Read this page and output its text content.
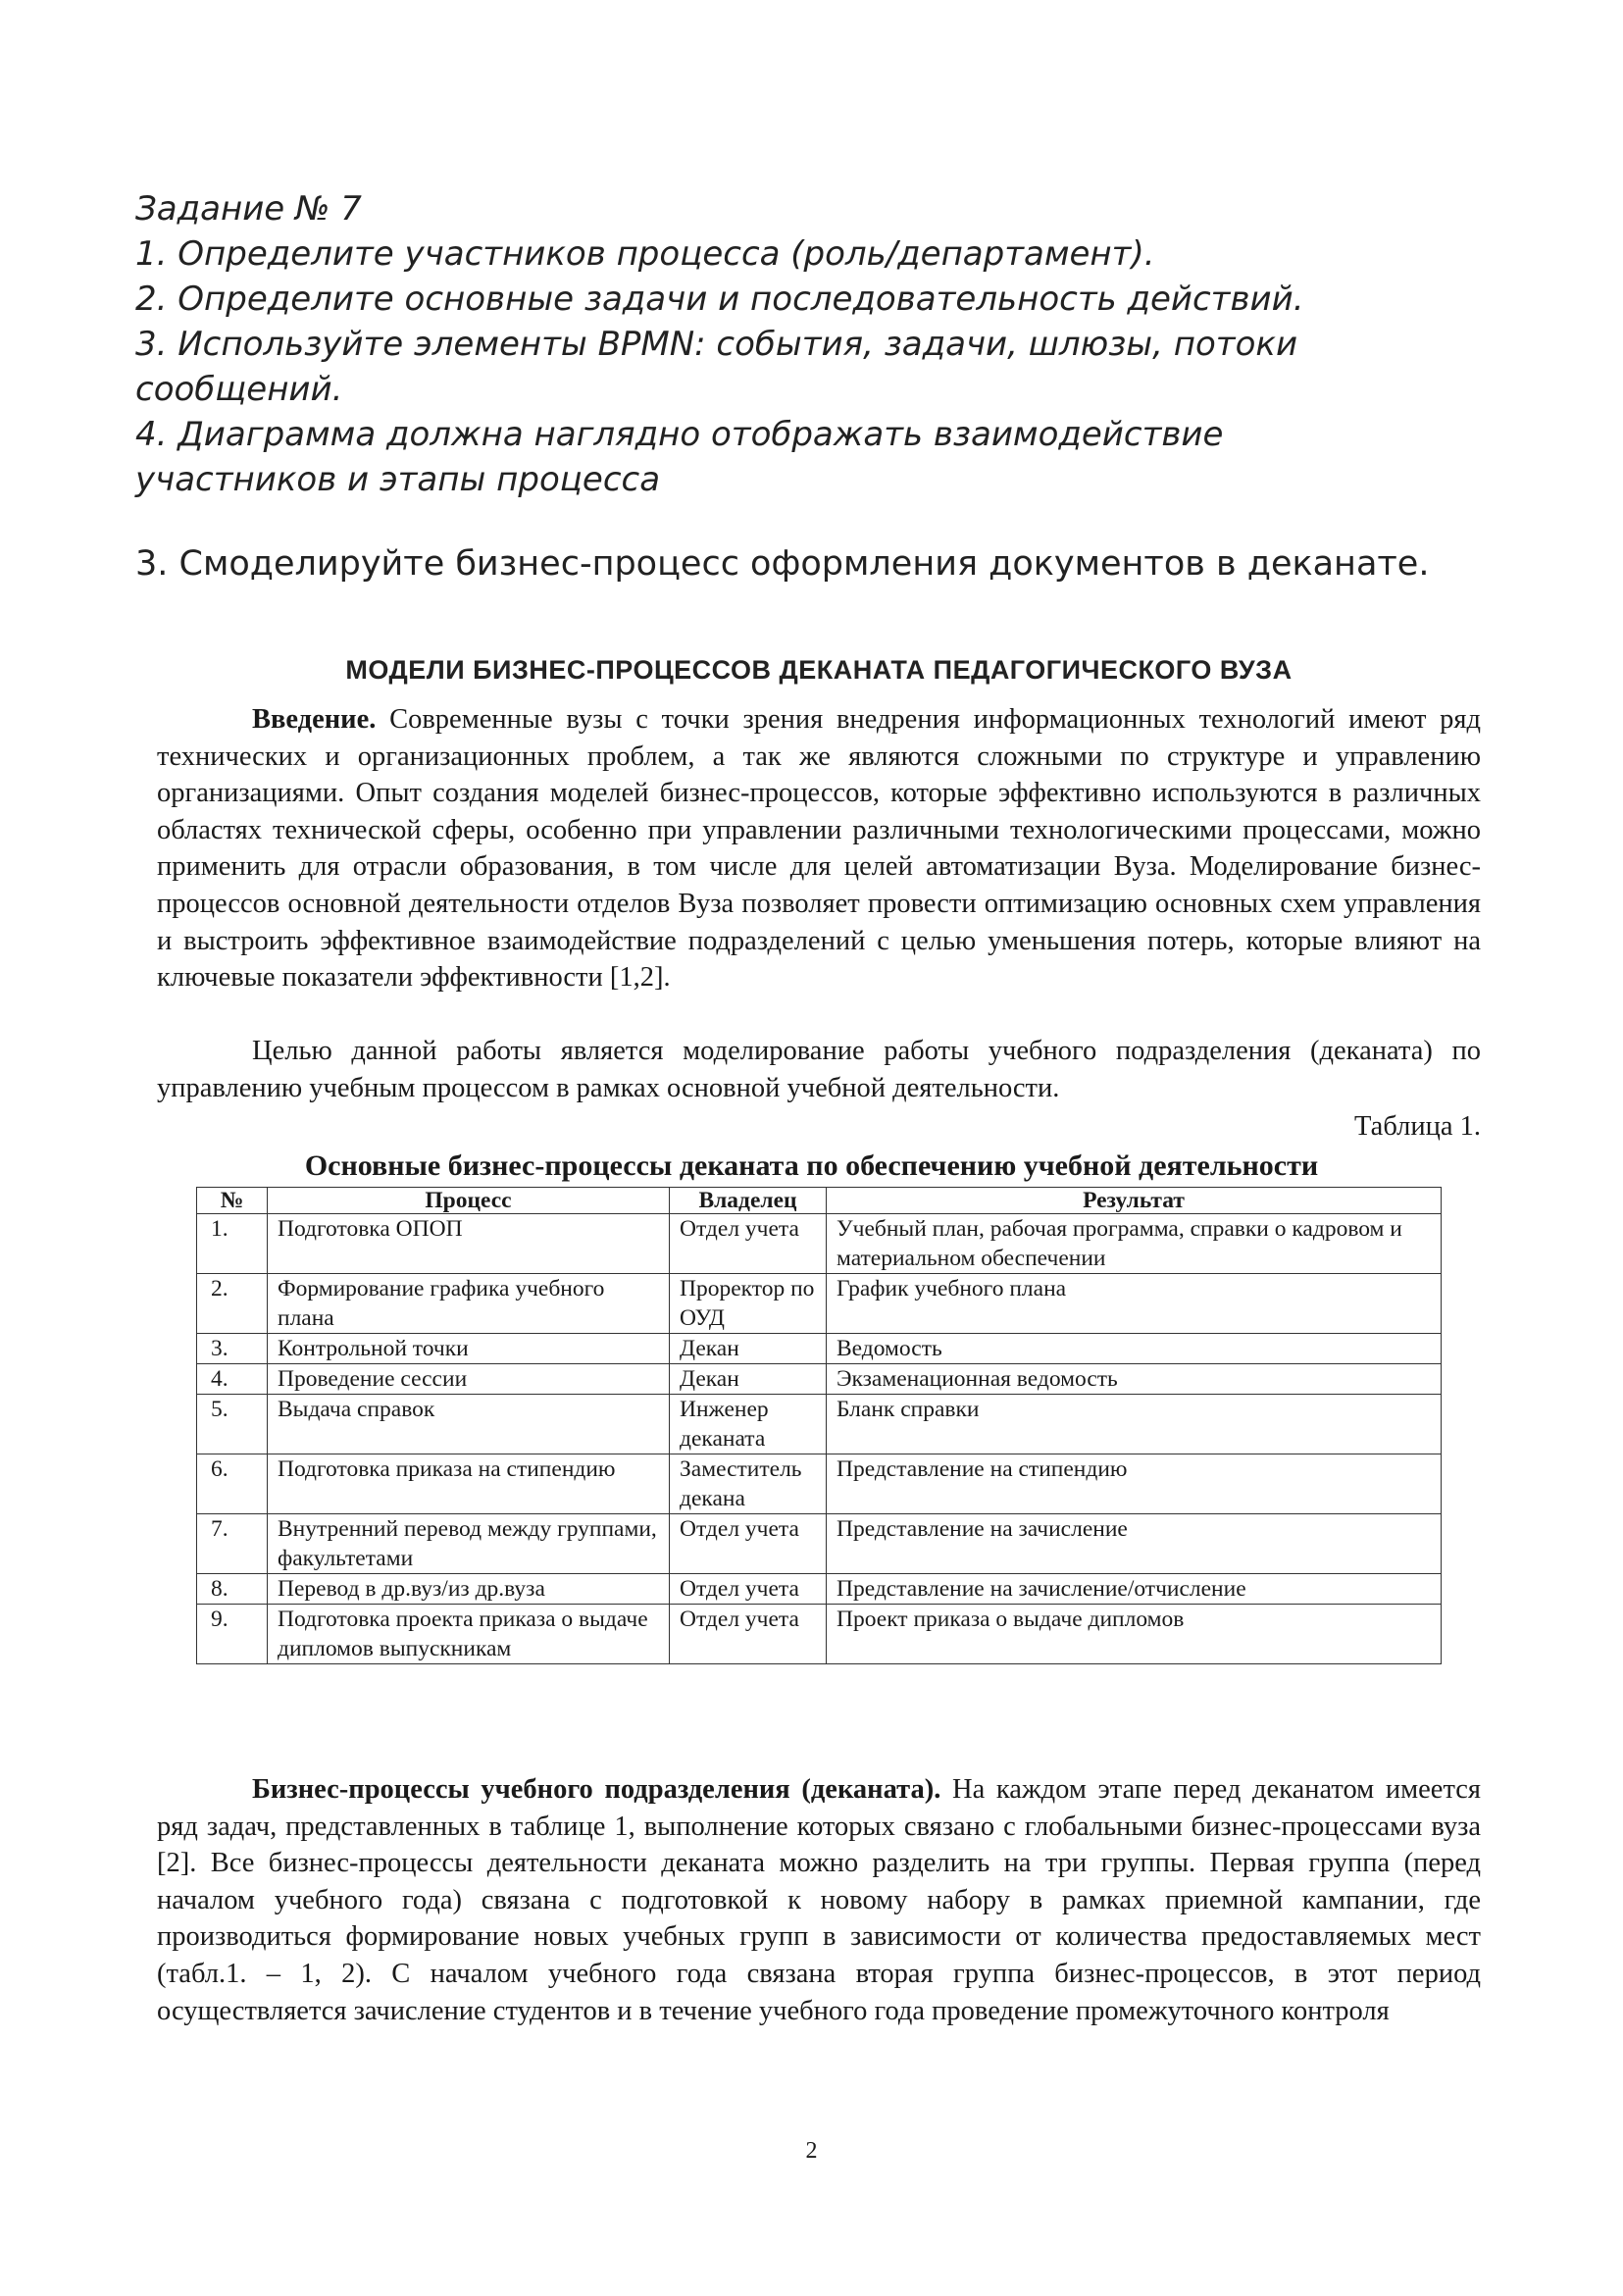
Задание № 7
1. Определите участников процесса (роль/департамент).
2. Определите основные задачи и последовательность действий.
3. Используйте элементы BPMN: события, задачи, шлюзы, потоки
сообщений.
4. Диаграмма должна наглядно отображать взаимодействие
участников и этапы процесса
3. Смоделируйте бизнес-процесс оформления документов в деканате.
МОДЕЛИ БИЗНЕС-ПРОЦЕССОВ ДЕКАНАТА ПЕДАГОГИЧЕСКОГО ВУЗА
Введение. Современные вузы с точки зрения внедрения информационных технологий имеют ряд технических и организационных проблем, а так же являются сложными по структуре и управлению организациями. Опыт создания моделей бизнес-процессов, которые эффективно используются в различных областях технической сферы, особенно при управлении различными технологическими процессами, можно применить для отрасли образования, в том числе для целей автоматизации Вуза. Моделирование бизнес-процессов основной деятельности отделов Вуза позволяет провести оптимизацию основных схем управления и выстроить эффективное взаимодействие подразделений с целью уменьшения потерь, которые влияют на ключевые показатели эффективности [1,2].
Целью данной работы является моделирование работы учебного подразделения (деканата) по управлению учебным процессом в рамках основной учебной деятельности.
Таблица 1.
Основные бизнес-процессы деканата по обеспечению учебной деятельности
№	Процесс	Владелец	Результат
1.	Подготовка ОПОП	Отдел учета	Учебный план, рабочая программа, справки о кадровом и материальном обеспечении
2.	Формирование графика учебного плана	Проректор по ОУД	График учебного плана
3.	Контрольной точки	Декан	Ведомость
4.	Проведение сессии	Декан	Экзаменационная ведомость
5.	Выдача справок	Инженер деканата	Бланк справки
6.	Подготовка приказа на стипендию	Заместитель декана	Представление на стипендию
7.	Внутренний перевод между группами, факультетами	Отдел учета	Представление на зачисление
8.	Перевод в др.вуз/из др.вуза	Отдел учета	Представление на зачисление/отчисление
9.	Подготовка проекта приказа о выдаче дипломов выпускникам	Отдел учета	Проект приказа о выдаче дипломов
Бизнес-процессы учебного подразделения (деканата). На каждом этапе перед деканатом имеется ряд задач, представленных в таблице 1, выполнение которых связано с глобальными бизнес-процессами вуза [2]. Все бизнес-процессы деятельности деканата можно разделить на три группы. Первая группа (перед началом учебного года) связана с подготовкой к новому набору в рамках приемной кампании, где производиться формирование новых учебных групп в зависимости от количества предоставляемых мест (табл.1. – 1, 2). С началом учебного года связана вторая группа бизнес-процессов, в этот период осуществляется зачисление студентов и в течение учебного года проведение промежуточного контроля
2
